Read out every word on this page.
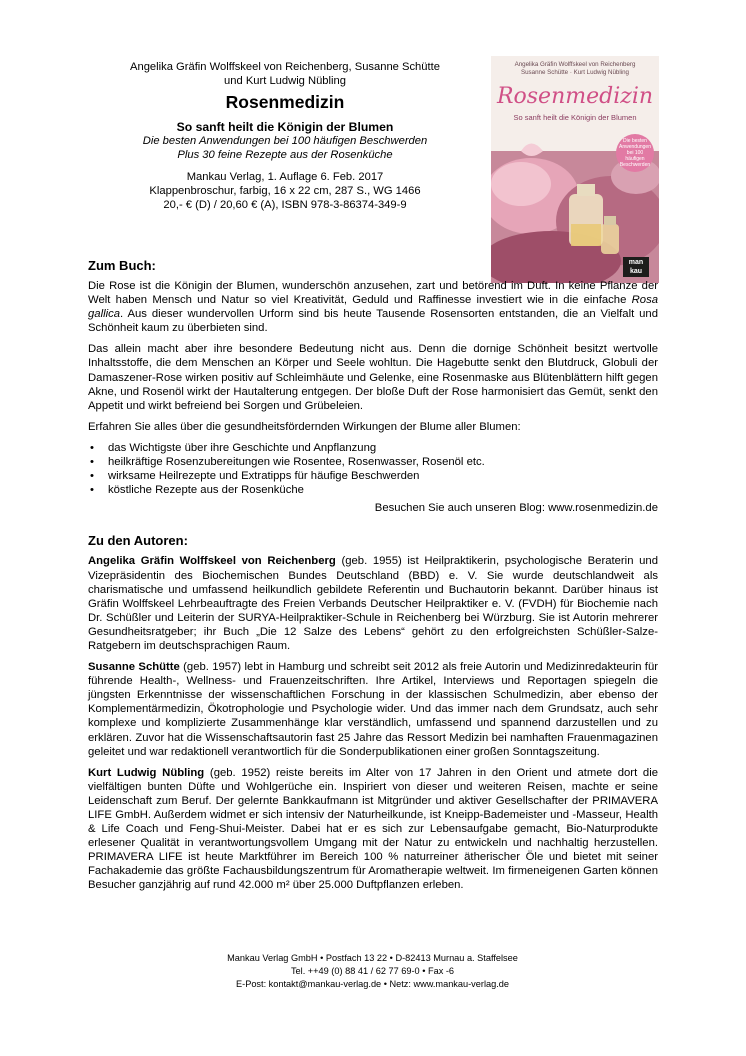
Angelika Gräfin Wolffskeel von Reichenberg, Susanne Schütte
und Kurt Ludwig Nübling
Rosenmedizin
So sanft heilt die Königin der Blumen
Die besten Anwendungen bei 100 häufigen Beschwerden
Plus 30 feine Rezepte aus der Rosenküche
Mankau Verlag, 1. Auflage 6. Feb. 2017
Klappenbroschur, farbig, 16 x 22 cm, 287 S., WG 1466
20,- € (D) / 20,60 € (A), ISBN 978-3-86374-349-9
Angelika Gräfin Wolffskeel von Reichenberg
Susanne Schütte · Kurt Ludwig Nübling
Rosenmedizin
So sanft heilt die Königin der Blumen
Die besten Anwendungen bei 100 häufigen Beschwerden
man
kau
Zum Buch:

Die Rose ist die Königin der Blumen, wunderschön anzusehen, zart und betörend im Duft. In keine Pflanze der Welt haben Mensch und Natur so viel Kreativität, Geduld und Raffinesse investiert wie in die einfache Rosa gallica. Aus dieser wundervollen Urform sind bis heute Tausende Rosensorten entstanden, die an Vielfalt und Schönheit kaum zu überbieten sind.

Das allein macht aber ihre besondere Bedeutung nicht aus. Denn die dornige Schönheit besitzt wertvolle Inhaltsstoffe, die dem Menschen an Körper und Seele wohltun. Die Hagebutte senkt den Blutdruck, Globuli der Damaszener-Rose wirken positiv auf Schleimhäute und Gelenke, eine Rosenmaske aus Blütenblättern hilft gegen Akne, und Rosenöl wirkt der Hautalterung entgegen. Der bloße Duft der Rose harmonisiert das Gemüt, senkt den Appetit und wirkt befreiend bei Sorgen und Grübeleien.

Erfahren Sie alles über die gesundheitsfördernden Wirkungen der Blume aller Blumen:

• das Wichtigste über ihre Geschichte und Anpflanzung
• heilkräftige Rosenzubereitungen wie Rosentee, Rosenwasser, Rosenöl etc.
• wirksame Heilrezepte und Extratipps für häufige Beschwerden
• köstliche Rezepte aus der Rosenküche

Besuchen Sie auch unseren Blog: www.rosenmedizin.de

Zu den Autoren:

Angelika Gräfin Wolffskeel von Reichenberg (geb. 1955) ist Heilpraktikerin, psychologische Beraterin und Vizepräsidentin des Biochemischen Bundes Deutschland (BBD) e. V. Sie wurde deutschlandweit als charismatische und umfassend heilkundlich gebildete Referentin und Buchautorin bekannt. Darüber hinaus ist Gräfin Wolffskeel Lehrbeauftragte des Freien Verbands Deutscher Heilpraktiker e. V. (FVDH) für Biochemie nach Dr. Schüßler und Leiterin der SURYA-Heilpraktiker-Schule in Reichenberg bei Würzburg. Sie ist Autorin mehrerer Gesundheitsratgeber; ihr Buch „Die 12 Salze des Lebens“ gehört zu den erfolgreichsten Schüßler-Salze-Ratgebern im deutschsprachigen Raum.

Susanne Schütte (geb. 1957) lebt in Hamburg und schreibt seit 2012 als freie Autorin und Medizinredakteurin für führende Health-, Wellness- und Frauenzeitschriften. Ihre Artikel, Interviews und Reportagen spiegeln die jüngsten Erkenntnisse der wissenschaftlichen Forschung in der klassischen Schulmedizin, aber ebenso der Komplementärmedizin, Ökotrophologie und Psychologie wider. Und das immer nach dem Grundsatz, auch sehr komplexe und komplizierte Zusammenhänge klar verständlich, umfassend und spannend darzustellen und zu erklären. Zuvor hat die Wissenschaftsautorin fast 25 Jahre das Ressort Medizin bei namhaften Frauenmagazinen geleitet und war redaktionell verantwortlich für die Sonderpublikationen einer großen Sonntagszeitung.

Kurt Ludwig Nübling (geb. 1952) reiste bereits im Alter von 17 Jahren in den Orient und atmete dort die vielfältigen bunten Düfte und Wohlgerüche ein. Inspiriert von dieser und weiteren Reisen, machte er seine Leidenschaft zum Beruf. Der gelernte Bankkaufmann ist Mitgründer und aktiver Gesellschafter der PRIMAVERA LIFE GmbH. Außerdem widmet er sich intensiv der Naturheilkunde, ist Kneipp-Bademeister und -Masseur, Health & Life Coach und Feng-Shui-Meister. Dabei hat er es sich zur Lebensaufgabe gemacht, Bio-Naturprodukte erlesener Qualität in verantwortungsvollem Umgang mit der Natur zu entwickeln und nachhaltig herzustellen. PRIMAVERA LIFE ist heute Marktführer im Bereich 100 % naturreiner ätherischer Öle und bietet mit seiner Fachakademie das größte Fachausbildungszentrum für Aromatherapie weltweit. Im firmeneigenen Garten können Besucher ganzjährig auf rund 42.000 m² über 25.000 Duftpflanzen erleben.

Mankau Verlag GmbH • Postfach 13 22 • D-82413 Murnau a. Staffelsee
Tel. ++49 (0) 88 41 / 62 77 69-0 • Fax -6
E-Post: kontakt@mankau-verlag.de • Netz: www.mankau-verlag.de
